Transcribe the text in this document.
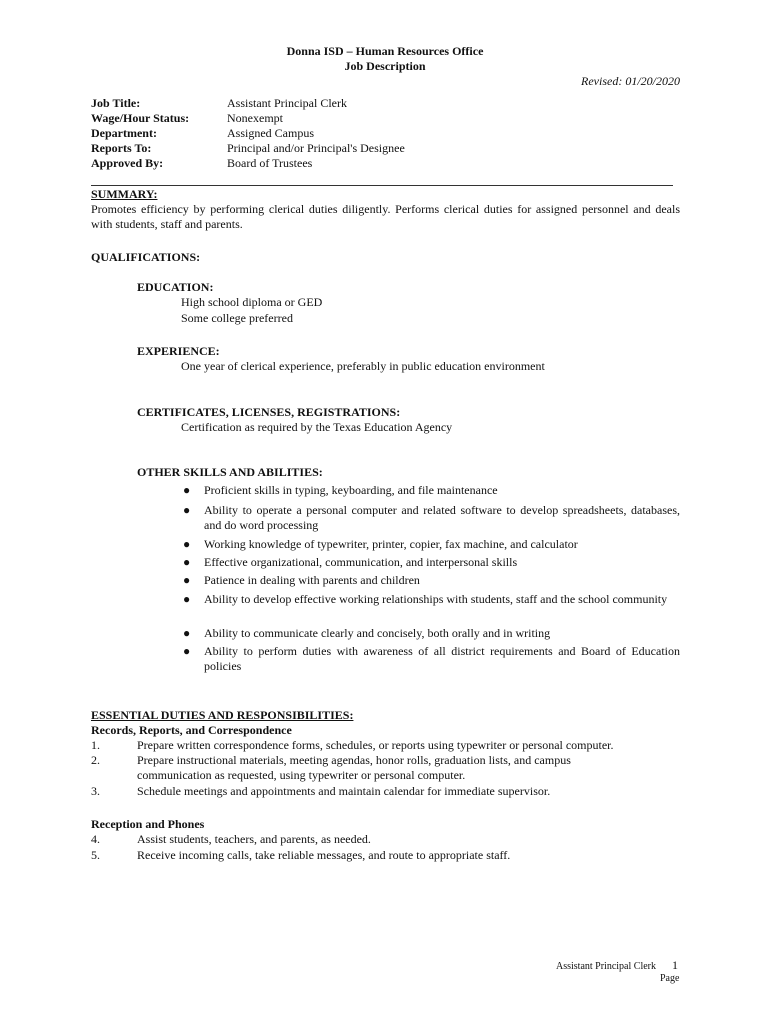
Donna ISD – Human Resources Office
Job Description
Revised: 01/20/2020
Job Title:	Assistant Principal Clerk
Wage/Hour Status:	Nonexempt
Department:	Assigned Campus
Reports To:	Principal and/or Principal's Designee
Approved By:	Board of Trustees
SUMMARY:
Promotes efficiency by performing clerical duties diligently. Performs clerical duties for assigned personnel and deals with students, staff and parents.
QUALIFICATIONS:
EDUCATION:
High school diploma or GED
Some college preferred
EXPERIENCE:
One year of clerical experience, preferably in public education environment
CERTIFICATES, LICENSES, REGISTRATIONS:
Certification as required by the Texas Education Agency
OTHER SKILLS AND ABILITIES:
● Proficient skills in typing, keyboarding, and file maintenance
● Ability to operate a personal computer and related software to develop spreadsheets, databases, and do word processing
● Working knowledge of typewriter, printer, copier, fax machine, and calculator
● Effective organizational, communication, and interpersonal skills
● Patience in dealing with parents and children
● Ability to develop effective working relationships with students, staff and the school community
● Ability to communicate clearly and concisely, both orally and in writing
● Ability to perform duties with awareness of all district requirements and Board of Education policies
ESSENTIAL DUTIES AND RESPONSIBILITIES:
Records, Reports, and Correspondence
1.	Prepare written correspondence forms, schedules, or reports using typewriter or personal computer.
2.	Prepare instructional materials, meeting agendas, honor rolls, graduation lists, and campus communication as requested, using typewriter or personal computer.
3.	Schedule meetings and appointments and maintain calendar for immediate supervisor.
Reception and Phones
4.	Assist students, teachers, and parents, as needed.
5.	Receive incoming calls, take reliable messages, and route to appropriate staff.
Assistant Principal Clerk 1
Page
